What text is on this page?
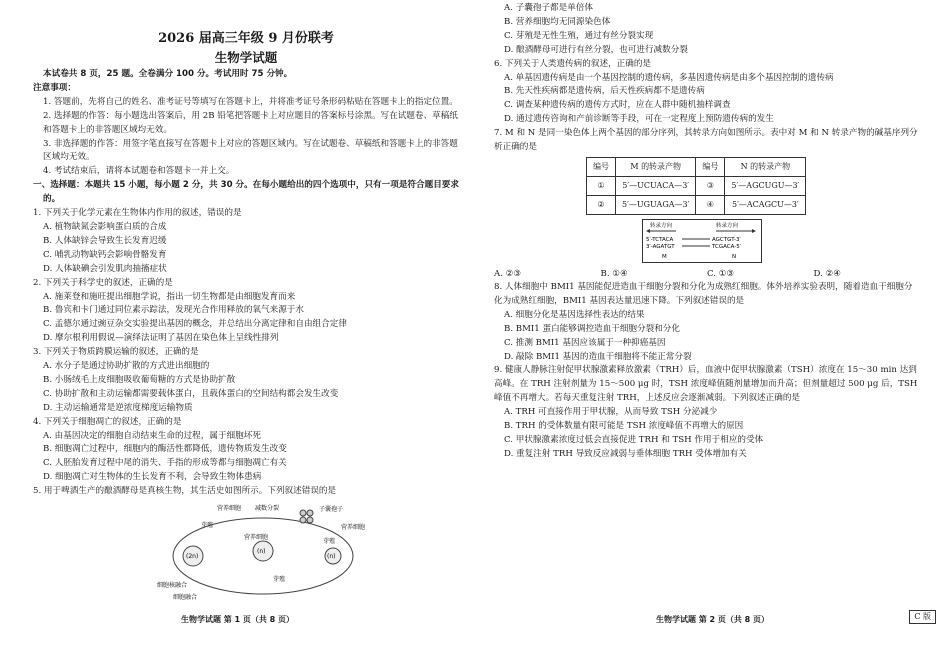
2026 届高三年级 9 月份联考
生物学试题
本试卷共 8 页，25 题。全卷满分 100 分。考试用时 75 分钟。
注意事项：
1. 答题前，先将自己的姓名、准考证号等填写在答题卡上，并将准考证号条形码粘贴在答题卡上的指定位置。
2. 选择题的作答：每小题选出答案后，用 2B 铅笔把答题卡上对应题目的答案标号涂黑。写在试题卷、草稿纸和答题卡上的非答题区域均无效。
3. 非选择题的作答：用签字笔直接写在答题卡上对应的答题区域内。写在试题卷、草稿纸和答题卡上的非答题区域均无效。
4. 考试结束后，请将本试题卷和答题卡一并上交。
一、选择题：本题共 15 小题，每小题 2 分，共 30 分。在每小题给出的四个选项中，只有一项是符合题目要求的。
1. 下列关于化学元素在生物体内作用的叙述，错误的是
A. 植物缺氮会影响蛋白质的合成
B. 人体缺锌会导致生长发育迟缓
C. 哺乳动物缺钙会影响骨骼发育
D. 人体缺碘会引发肌肉抽搐症状
2. 下列关于科学史的叙述，正确的是
A. 施莱登和施旺提出细胞学说，指出一切生物都是由细胞发育而来
B. 鲁宾和卡门通过同位素示踪法，发现光合作用释放的氧气来源于水
C. 孟德尔通过豌豆杂交实验提出基因的概念，并总结出分离定律和自由组合定律
D. 摩尔根利用假说—演绎法证明了基因在染色体上呈线性排列
3. 下列关于物质跨膜运输的叙述，正确的是
A. 水分子是通过协助扩散的方式进出细胞的
B. 小肠绒毛上皮细胞吸收葡萄糖的方式是协助扩散
C. 协助扩散和主动运输都需要载体蛋白，且载体蛋白的空间结构都会发生改变
D. 主动运输通常是逆浓度梯度运输物质
4. 下列关于细胞凋亡的叙述，正确的是
A. 由基因决定的细胞自动结束生命的过程，属于细胞坏死
B. 细胞凋亡过程中，细胞内的酶活性都降低，遗传物质发生改变
C. 人胚胎发育过程中尾的消失、手指的形成等都与细胞凋亡有关
D. 细胞凋亡对生物体的生长发育不利，会导致生物体患病
5. 用于啤酒生产的酿酒酵母是真核生物，其生活史如图所示。下列叙述错误的是
营养细胞 减数分裂	子囊孢子
营养细胞
芽殖
营养细胞
芽殖
细胞核融合
细胞融合
芽殖
(2n)
(n)
(n)
生物学试题 第 1 页（共 8 页）
A. 子囊孢子都是单倍体
B. 营养细胞均无同源染色体
C. 芽殖是无性生殖，通过有丝分裂实现
D. 酿酒酵母可进行有丝分裂，也可进行减数分裂
6. 下列关于人类遗传病的叙述，正确的是
A. 单基因遗传病是由一个基因控制的遗传病，多基因遗传病是由多个基因控制的遗传病
B. 先天性疾病都是遗传病，后天性疾病都不是遗传病
C. 调查某种遗传病的遗传方式时，应在人群中随机抽样调查
D. 通过遗传咨询和产前诊断等手段，可在一定程度上预防遗传病的发生
7. M 和 N 是同一染色体上两个基因的部分序列，其转录方向如图所示。表中对 M 和 N 转录产物的碱基序列分析正确的是
编号	M 的转录产物	编号	N 的转录产物
①	5′—UCUACA—3′	③	5′—AGCUGU—3′
②	5′—UGUAGA—3′	④	5′—ACAGCU—3′
转录方向	转录方向
5′-TCTACA
3′-AGATGT
AGCTGT-3′
TCGACA-5′
M	N
A. ②③	B. ①④	C. ①③	D. ②④
8. 人体细胞中 BMI1 基因能促进造血干细胞分裂和分化为成熟红细胞。体外培养实验表明，随着造血干细胞分化为成熟红细胞，BMI1 基因表达量迅速下降。下列叙述错误的是
A. 细胞分化是基因选择性表达的结果
B. BMI1 蛋白能够调控造血干细胞分裂和分化
C. 推测 BMI1 基因应该属于一种抑癌基因
D. 敲除 BMI1 基因的造血干细胞将不能正常分裂
9. 健康人静脉注射促甲状腺激素释放激素（TRH）后，血液中促甲状腺激素（TSH）浓度在 15～30 min 达到高峰。在 TRH 注射剂量为 15～500 μg 时，TSH 浓度峰值随剂量增加而升高；但剂量超过 500 μg 后，TSH 峰值不再增大。若每天重复注射 TRH，上述反应会逐渐减弱。下列叙述正确的是
A. TRH 可直接作用于甲状腺，从而导致 TSH 分泌减少
B. TRH 的受体数量有限可能是 TSH 浓度峰值不再增大的原因
C. 甲状腺激素浓度过低会直接促进 TRH 和 TSH 作用于相应的受体
D. 重复注射 TRH 导致反应减弱与垂体细胞 TRH 受体增加有关
生物学试题 第 2 页（共 8 页）	C 版
